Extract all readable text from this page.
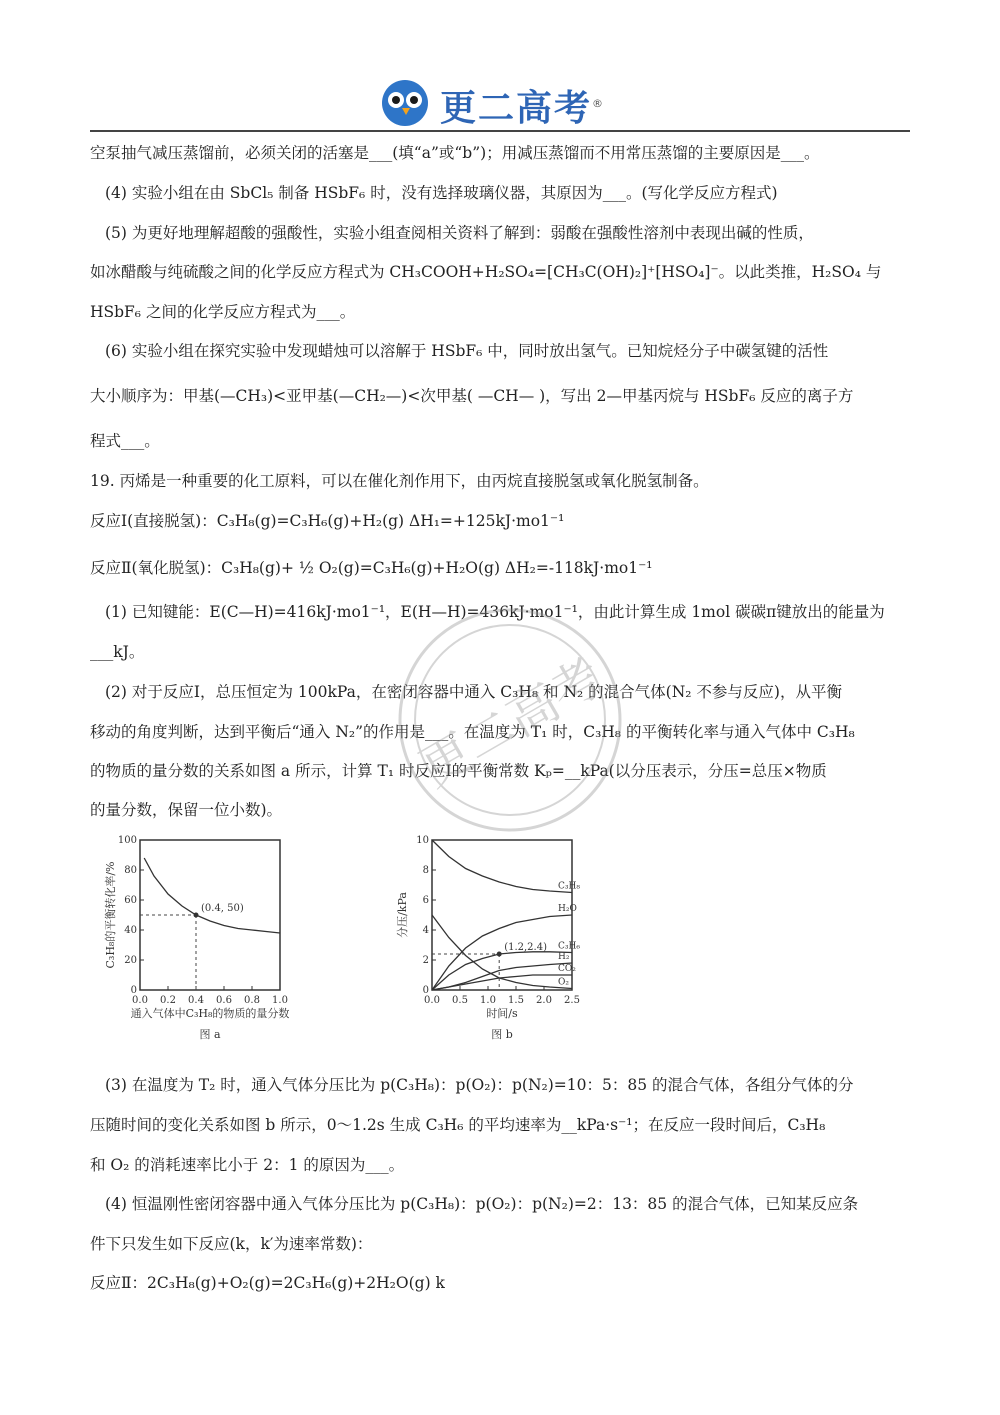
更二高考®
空泵抽气减压蒸馏前，必须关闭的活塞是___(填“a”或“b”)；用减压蒸馏而不用常压蒸馏的主要原因是___。
(4) 实验小组在由 SbCl₅ 制备 HSbF₆ 时，没有选择玻璃仪器，其原因为___。(写化学反应方程式)
(5) 为更好地理解超酸的强酸性，实验小组查阅相关资料了解到：弱酸在强酸性溶剂中表现出碱的性质，
如冰醋酸与纯硫酸之间的化学反应方程式为 CH₃COOH+H₂SO₄=[CH₃C(OH)₂]⁺[HSO₄]⁻。以此类推，H₂SO₄ 与
HSbF₆ 之间的化学反应方程式为___。
(6) 实验小组在探究实验中发现蜡烛可以溶解于 HSbF₆ 中，同时放出氢气。已知烷烃分子中碳氢键的活性
大小顺序为：甲基(—CH₃)<亚甲基(—CH₂—)<次甲基( —CH— )，写出 2—甲基丙烷与 HSbF₆ 反应的离子方
程式___。
19. 丙烯是一种重要的化工原料，可以在催化剂作用下，由丙烷直接脱氢或氧化脱氢制备。
反应Ⅰ(直接脱氢)：C₃H₈(g)=C₃H₆(g)+H₂(g) ΔH₁=+125kJ·mo1⁻¹
反应Ⅱ(氧化脱氢)：C₃H₈(g)+ ½ O₂(g)=C₃H₆(g)+H₂O(g) ΔH₂=-118kJ·mo1⁻¹
(1) 已知键能：E(C—H)=416kJ·mo1⁻¹，E(H—H)=436kJ·mo1⁻¹，由此计算生成 1mol 碳碳π键放出的能量为
___kJ。
(2) 对于反应Ⅰ，总压恒定为 100kPa，在密闭容器中通入 C₃H₈ 和 N₂ 的混合气体(N₂ 不参与反应)，从平衡
移动的角度判断，达到平衡后“通入 N₂”的作用是___。在温度为 T₁ 时，C₃H₈ 的平衡转化率与通入气体中 C₃H₈
的物质的量分数的关系如图 a 所示，计算 T₁ 时反应Ⅰ的平衡常数 Kₚ=__kPa(以分压表示，分压=总压×物质
的量分数，保留一位小数)。
0.0 0.2 0.4 0.6 0.8 1.0
0
20
40
60
80
100
通入气体中C₃H₈的物质的量分数
C₃H₈的平衡转化率/%	(0.4, 50)
图 a
0.0 0.5 1.0 1.5 2.0 2.5
0
2
4
6
8
10
时间/s
分压/kPa
C₃H₈
H₂O
C₃H₆
H₂
O₂
CO₂
(1.2,2.4)
图 b
(3) 在温度为 T₂ 时，通入气体分压比为 p(C₃H₈)：p(O₂)：p(N₂)=10：5：85 的混合气体，各组分气体的分
压随时间的变化关系如图 b 所示，0～1.2s 生成 C₃H₆ 的平均速率为__kPa·s⁻¹；在反应一段时间后，C₃H₈
和 O₂ 的消耗速率比小于 2：1 的原因为___。
(4) 恒温刚性密闭容器中通入气体分压比为 p(C₃H₈)：p(O₂)：p(N₂)=2：13：85 的混合气体，已知某反应条
件下只发生如下反应(k，k′为速率常数)：
反应Ⅱ：2C₃H₈(g)+O₂(g)=2C₃H₆(g)+2H₂O(g) k
更二高考
